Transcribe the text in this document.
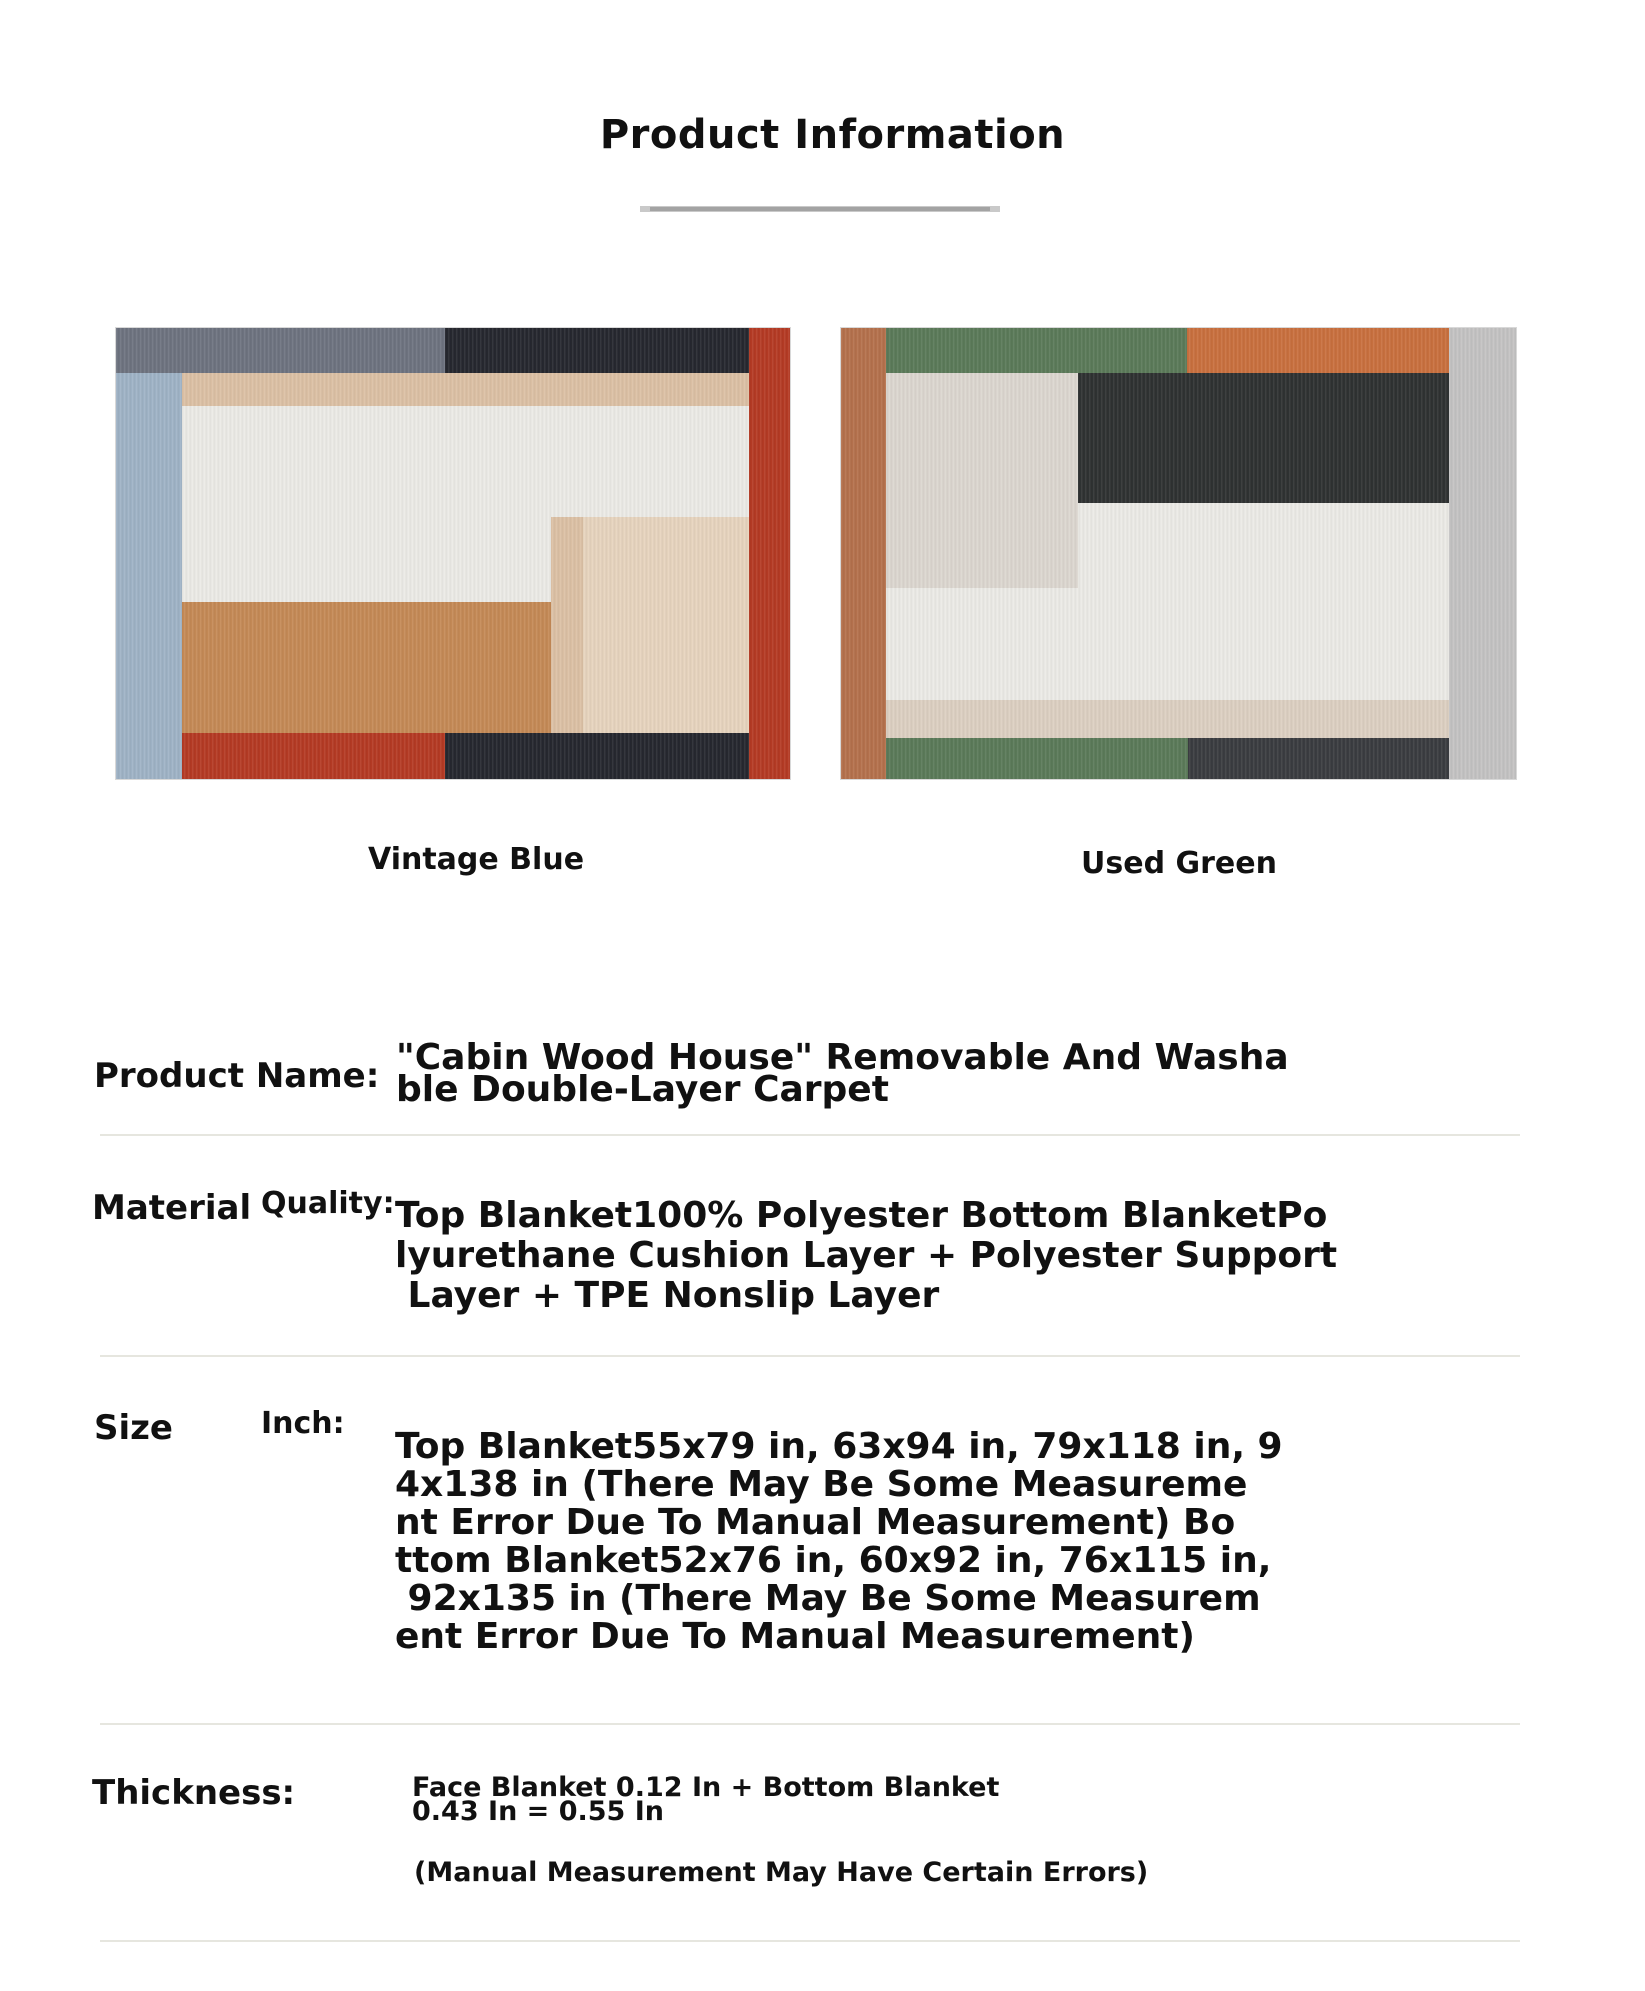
Product Information
Vintage Blue	Used Green
Product Name: "Cabin Wood House" Removable And Washa
ble Double-Layer Carpet
Material Quality: Top Blanket100% Polyester Bottom BlanketPo
lyurethane Cushion Layer + Polyester Support
Layer + TPE Nonslip Layer
Size	Inch:
Top Blanket55x79 in, 63x94 in, 79x118 in, 9
4x138 in (There May Be Some Measureme
nt Error Due To Manual Measurement) Bo
ttom Blanket52x76 in, 60x92 in, 76x115 in,
92x135 in (There May Be Some Measurem
ent Error Due To Manual Measurement)
Thickness:	Face Blanket 0.12 In + Bottom Blanket
0.43 In = 0.55 In
(Manual Measurement May Have Certain Errors)
